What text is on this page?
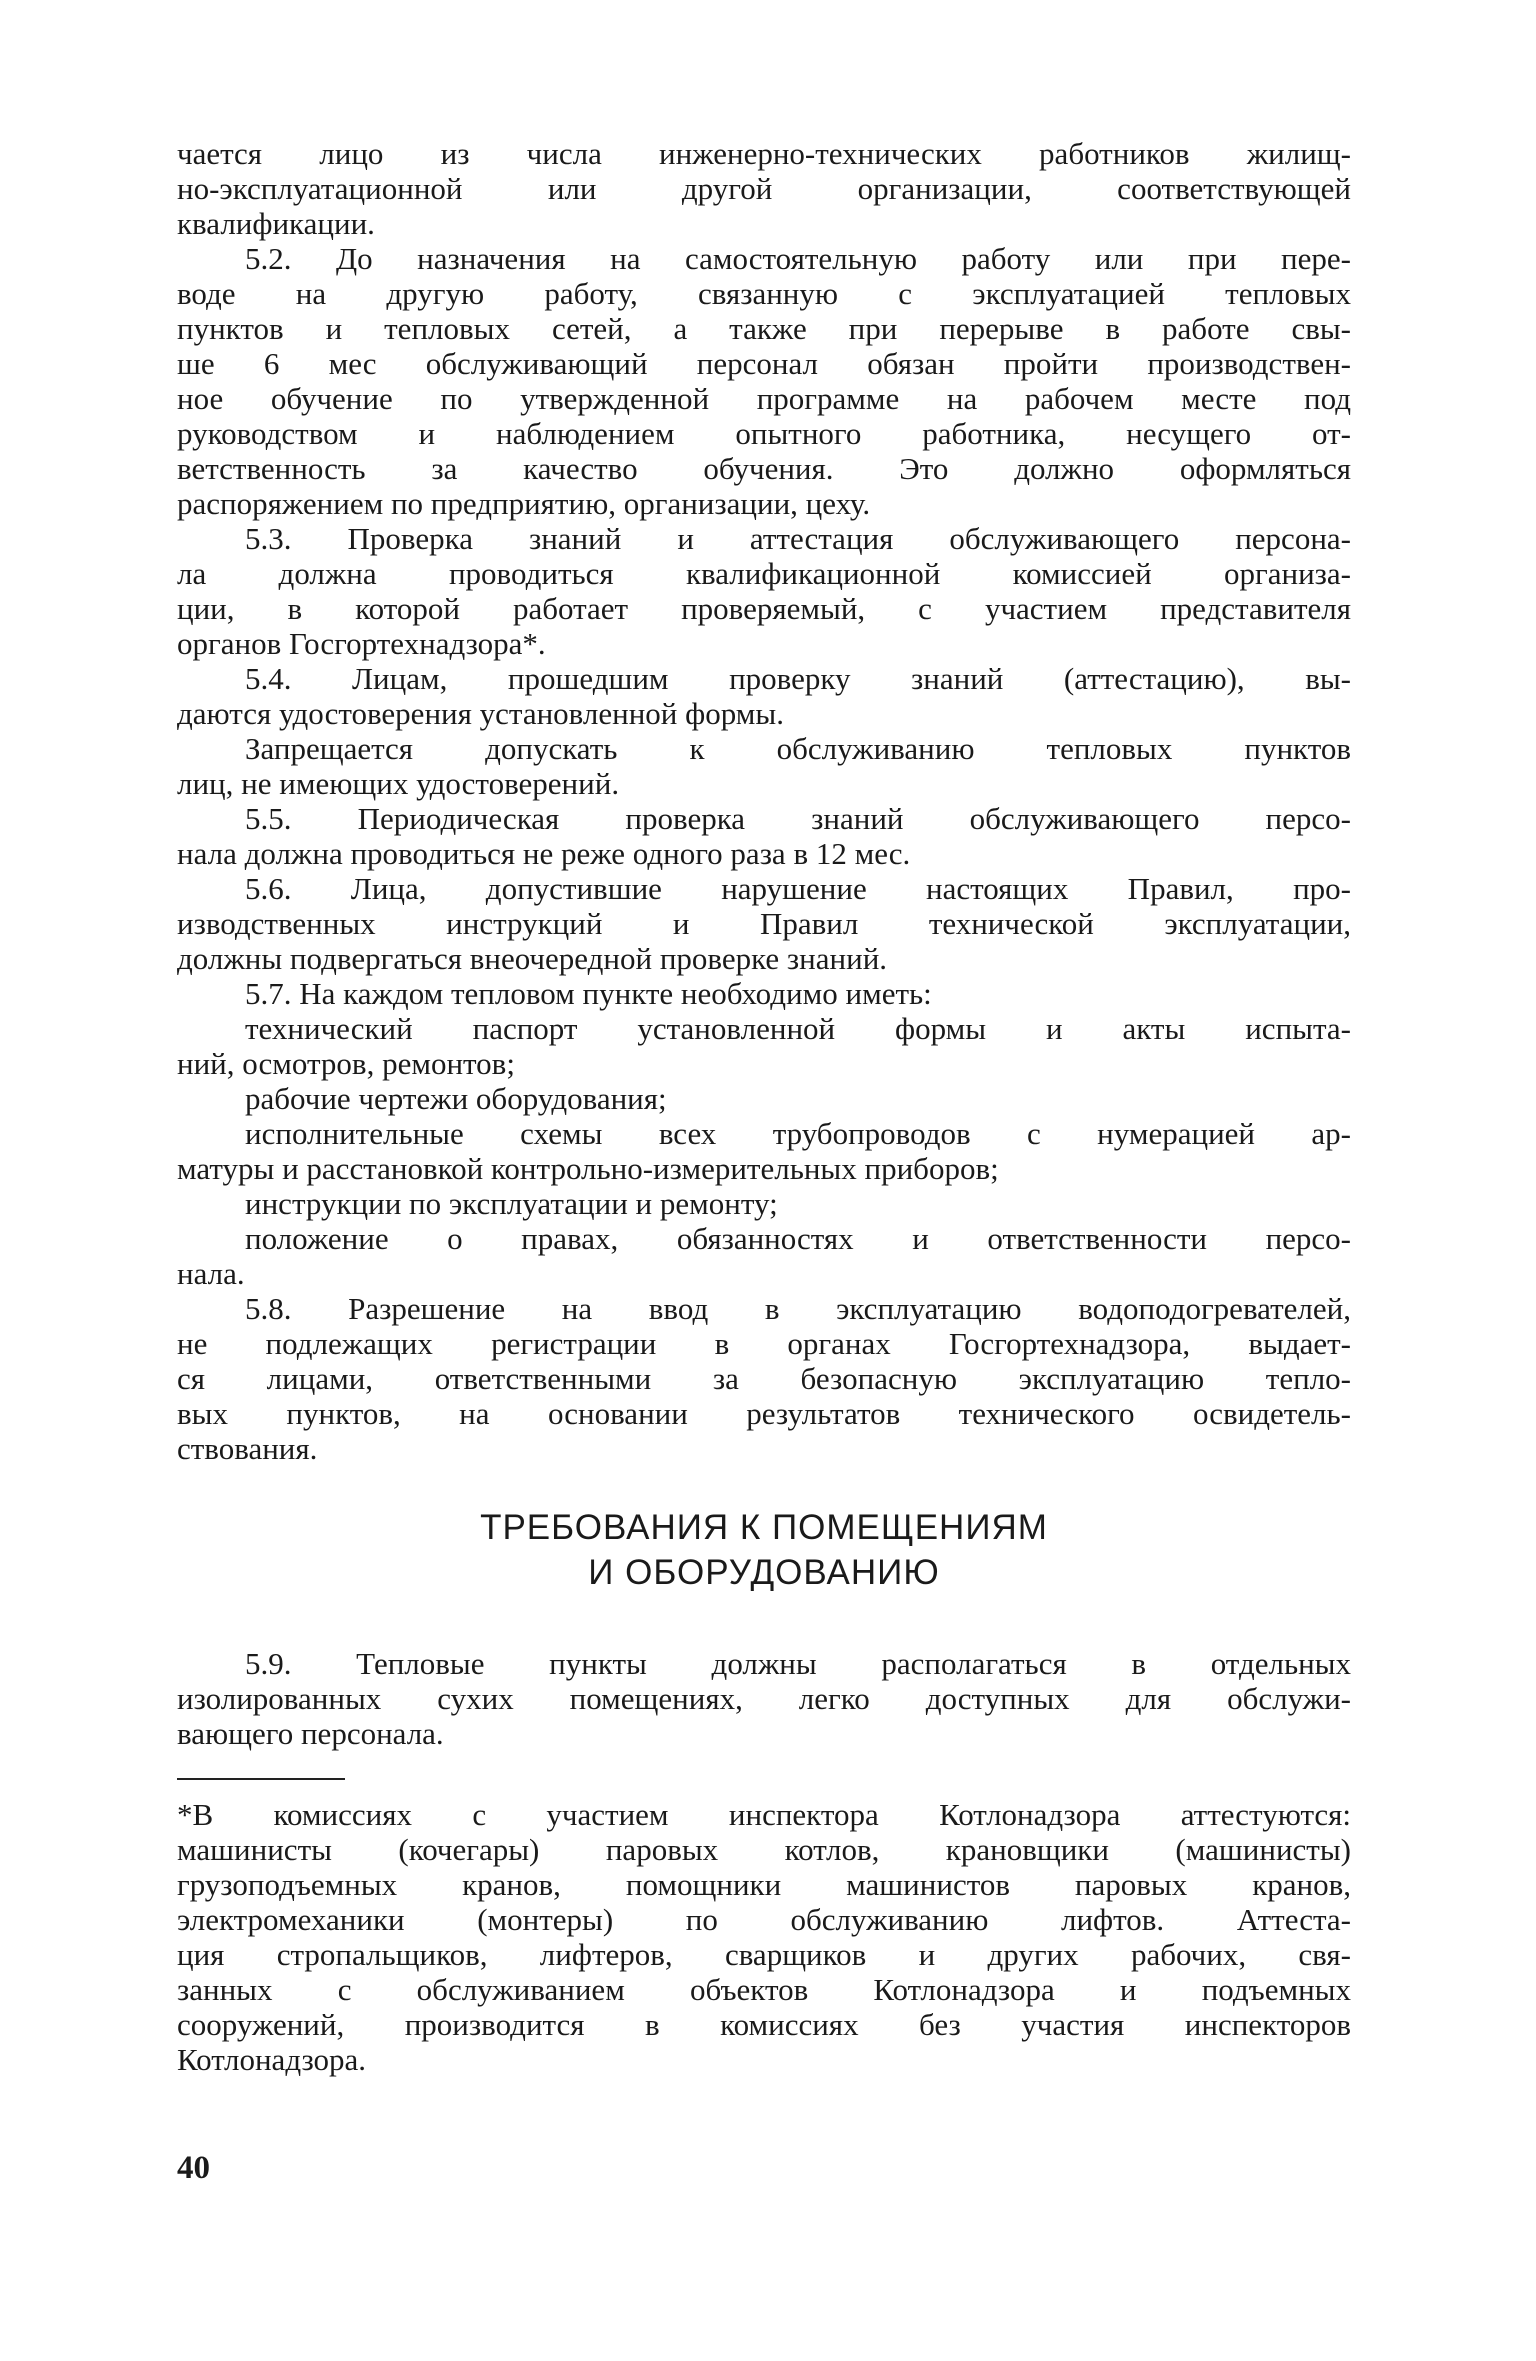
чается лицо из числа инженерно-технических работников жилищ-
но-эксплуатационной или другой организации, соответствующей
квалификации.
5.2. До назначения на самостоятельную работу или при пере-
воде на другую работу, связанную с эксплуатацией тепловых
пунктов и тепловых сетей, а также при перерыве в работе свы-
ше 6 мес обслуживающий персонал обязан пройти производствен-
ное обучение по утвержденной программе на рабочем месте под
руководством и наблюдением опытного работника, несущего от-
ветственность за качество обучения. Это должно оформляться
распоряжением по предприятию, организации, цеху.
5.3. Проверка знаний и аттестация обслуживающего персона-
ла должна проводиться квалификационной комиссией организа-
ции, в которой работает проверяемый, с участием представителя
органов Госгортехнадзора*.
5.4. Лицам, прошедшим проверку знаний (аттестацию), вы-
даются удостоверения установленной формы.
Запрещается допускать к обслуживанию тепловых пунктов
лиц, не имеющих удостоверений.
5.5. Периодическая проверка знаний обслуживающего персо-
нала должна проводиться не реже одного раза в 12 мес.
5.6. Лица, допустившие нарушение настоящих Правил, про-
изводственных инструкций и Правил технической эксплуатации,
должны подвергаться внеочередной проверке знаний.
5.7. На каждом тепловом пункте необходимо иметь:
технический паспорт установленной формы и акты испыта-
ний, осмотров, ремонтов;
рабочие чертежи оборудования;
исполнительные схемы всех трубопроводов с нумерацией ар-
матуры и расстановкой контрольно-измерительных приборов;
инструкции по эксплуатации и ремонту;
положение о правах, обязанностях и ответственности персо-
нала.
5.8. Разрешение на ввод в эксплуатацию водоподогревателей,
не подлежащих регистрации в органах Госгортехнадзора, выдает-
ся лицами, ответственными за безопасную эксплуатацию тепло-
вых пунктов, на основании результатов технического освидетель-
ствования.
ТРЕБОВАНИЯ К ПОМЕЩЕНИЯМ
И ОБОРУДОВАНИЮ
5.9. Тепловые пункты должны располагаться в отдельных
изолированных сухих помещениях, легко доступных для обслужи-
вающего персонала.
*В комиссиях с участием инспектора Котлонадзора аттестуются:
машинисты (кочегары) паровых котлов, крановщики (машинисты)
грузоподъемных кранов, помощники машинистов паровых кранов,
электромеханики (монтеры) по обслуживанию лифтов. Аттеста-
ция стропальщиков, лифтеров, сварщиков и других рабочих, свя-
занных с обслуживанием объектов Котлонадзора и подъемных
сооружений, производится в комиссиях без участия инспекторов
Котлонадзора.
40
